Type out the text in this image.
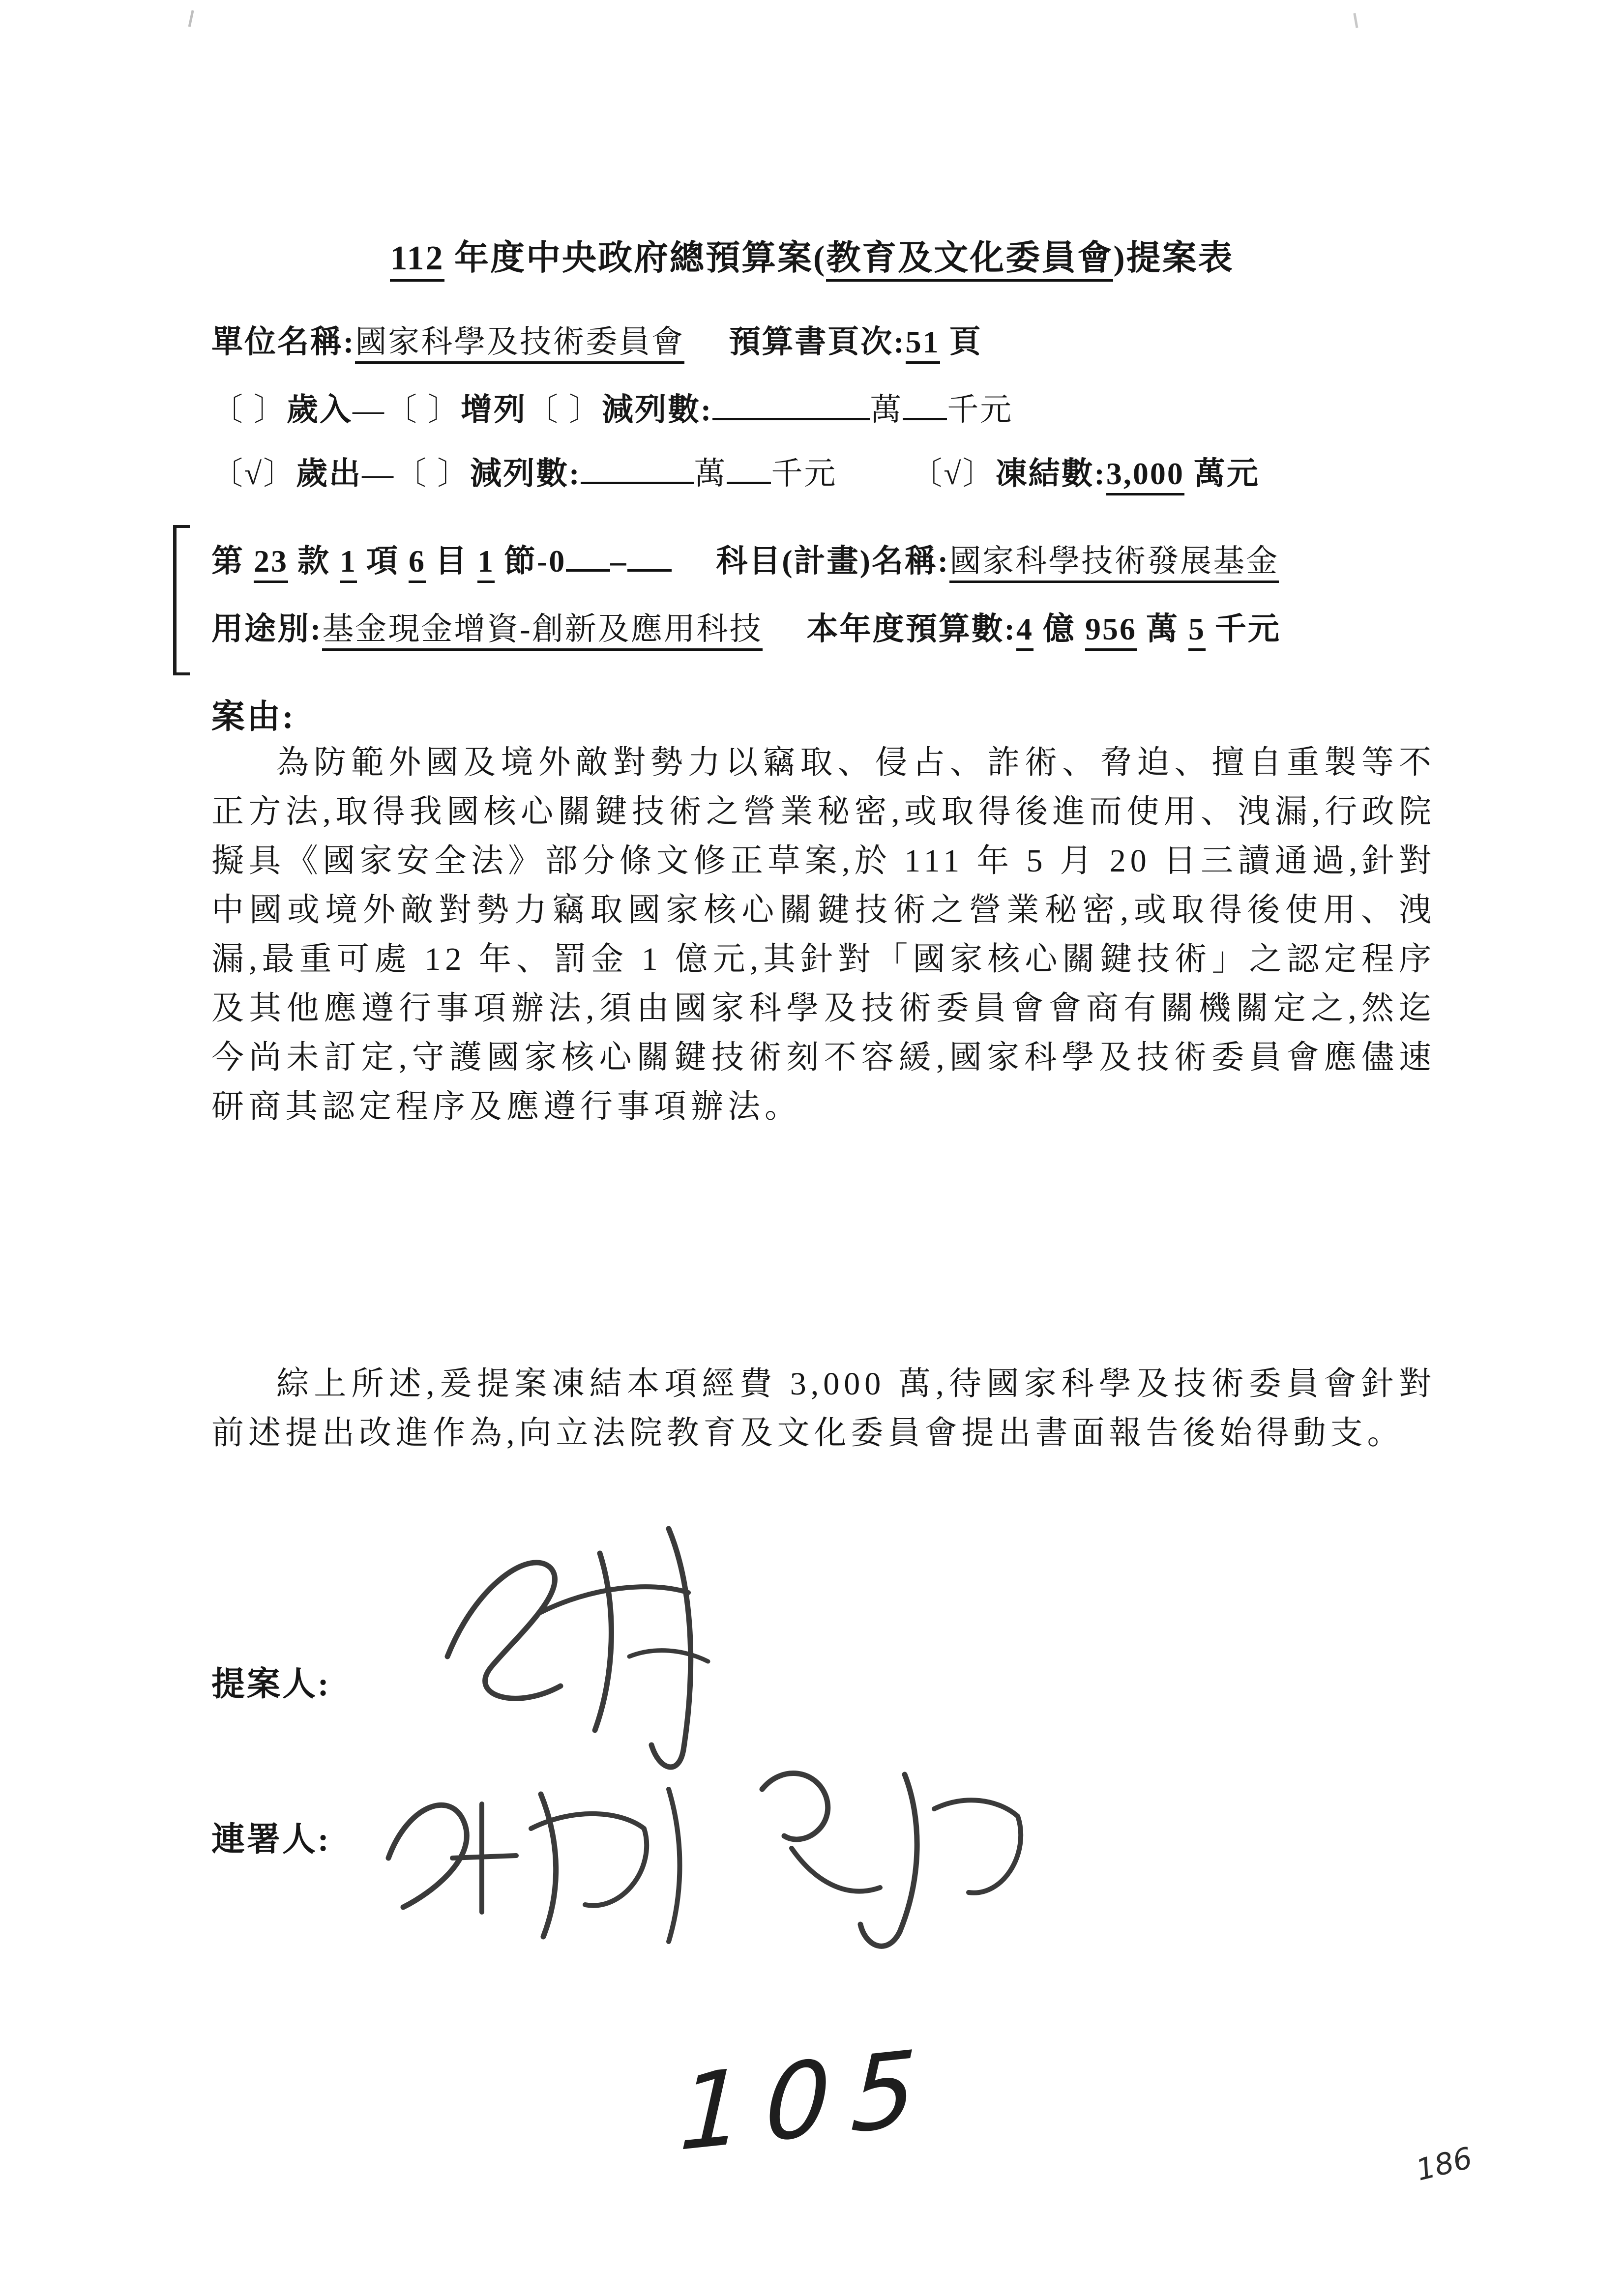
112 年度中央政府總預算案(教育及文化委員會)提案表
單位名稱:國家科學及技術委員會 預算書頁次:51 頁
〔 〕歲入—〔 〕增列〔 〕減列數:	萬 千元
〔√〕歲出—〔 〕減列數:	萬 千元 〔√〕凍結數:3,000 萬元
第 23 款 1 項 6 目 1 節-0 –	科目(計畫)名稱:國家科學技術發展基金
用途別:基金現金增資-創新及應用科技 本年度預算數:4 億 956 萬 5 千元
案由:

為防範外國及境外敵對勢力以竊取、侵占、詐術、脅迫、擅自重製等不正方法,取得我國核心關鍵技術之營業秘密,或取得後進而使用、洩漏,行政院擬具《國家安全法》部分條文修正草案,於 111 年 5 月 20 日三讀通過,針對中國或境外敵對勢力竊取國家核心關鍵技術之營業秘密,或取得後使用、洩漏,最重可處 12 年、罰金 1 億元,其針對「國家核心關鍵技術」之認定程序及其他應遵行事項辦法,須由國家科學及技術委員會會商有關機關定之,然迄今尚未訂定,守護國家核心關鍵技術刻不容緩,國家科學及技術委員會應儘速研商其認定程序及應遵行事項辦法。

綜上所述,爰提案凍結本項經費 3,000 萬,待國家科學及技術委員會針對前述提出改進作為,向立法院教育及文化委員會提出書面報告後始得動支。

提案人:
連署人:
105	186
